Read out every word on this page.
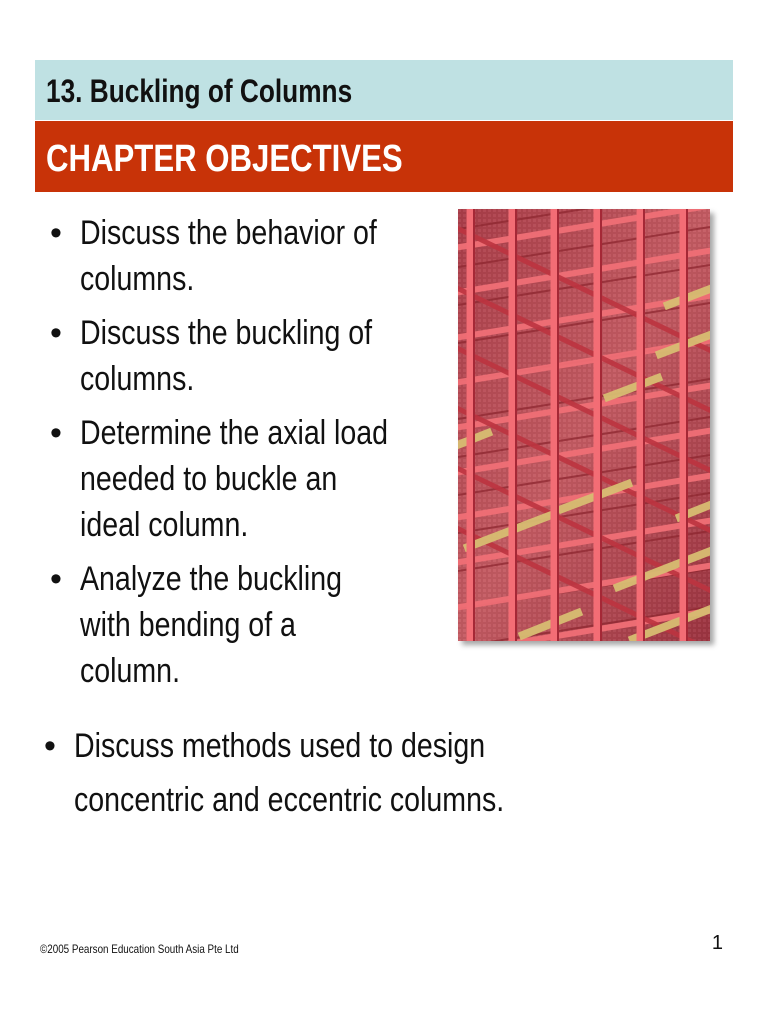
13. Buckling of Columns
CHAPTER OBJECTIVES
• Discuss the behavior of columns.
• Discuss the buckling of columns.
• Determine the axial load needed to buckle an ideal column.
• Analyze the buckling with bending of a column.
• Discuss methods used to design concentric and eccentric columns.
©2005 Pearson Education South Asia Pte Ltd	1
